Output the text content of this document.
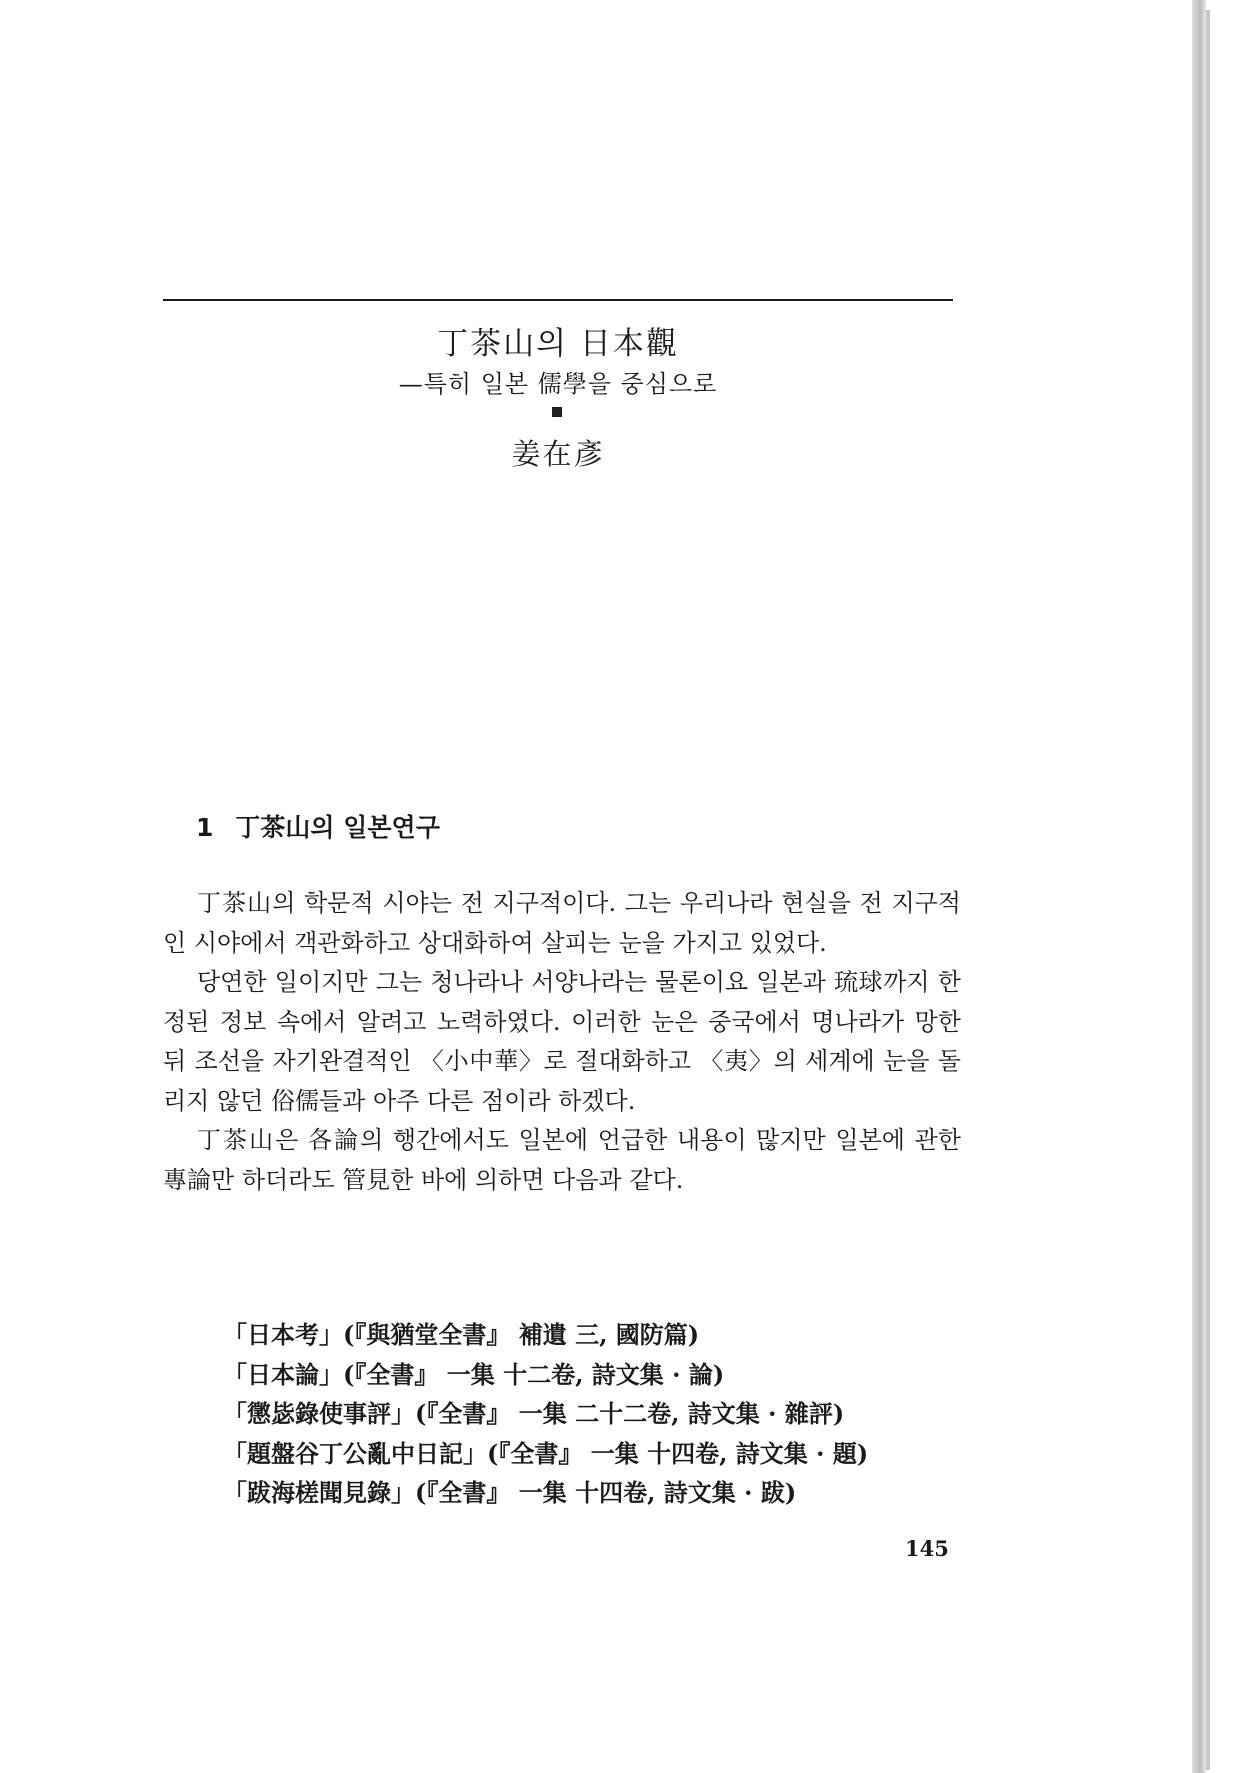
丁茶山의 日本觀
—특히 일본 儒學을 중심으로
姜在彥
1 丁茶山의 일본연구

丁茶山의 학문적 시야는 전 지구적이다. 그는 우리나라 현실을 전 지구적인 시야에서 객관화하고 상대화하여 살피는 눈을 가지고 있었다.

당연한 일이지만 그는 청나라나 서양나라는 물론이요 일본과 琉球까지 한정된 정보 속에서 알려고 노력하였다. 이러한 눈은 중국에서 명나라가 망한 뒤 조선을 자기완결적인 〈小中華〉로 절대화하고 〈夷〉의 세계에 눈을 돌리지 않던 俗儒들과 아주 다른 점이라 하겠다.

丁茶山은 各論의 행간에서도 일본에 언급한 내용이 많지만 일본에 관한 專論만 하더라도 管見한 바에 의하면 다음과 같다.

「日本考」(『與猶堂全書』 補遺 三, 國防篇)
「日本論」(『全書』 一集 十二卷, 詩文集 · 論)
「懲毖錄使事評」(『全書』 一集 二十二卷, 詩文集 · 雜評)
「題盤谷丁公亂中日記」(『全書』 一集 十四卷, 詩文集 · 題)
「跋海槎聞見錄」(『全書』 一集 十四卷, 詩文集 · 跋)
145
